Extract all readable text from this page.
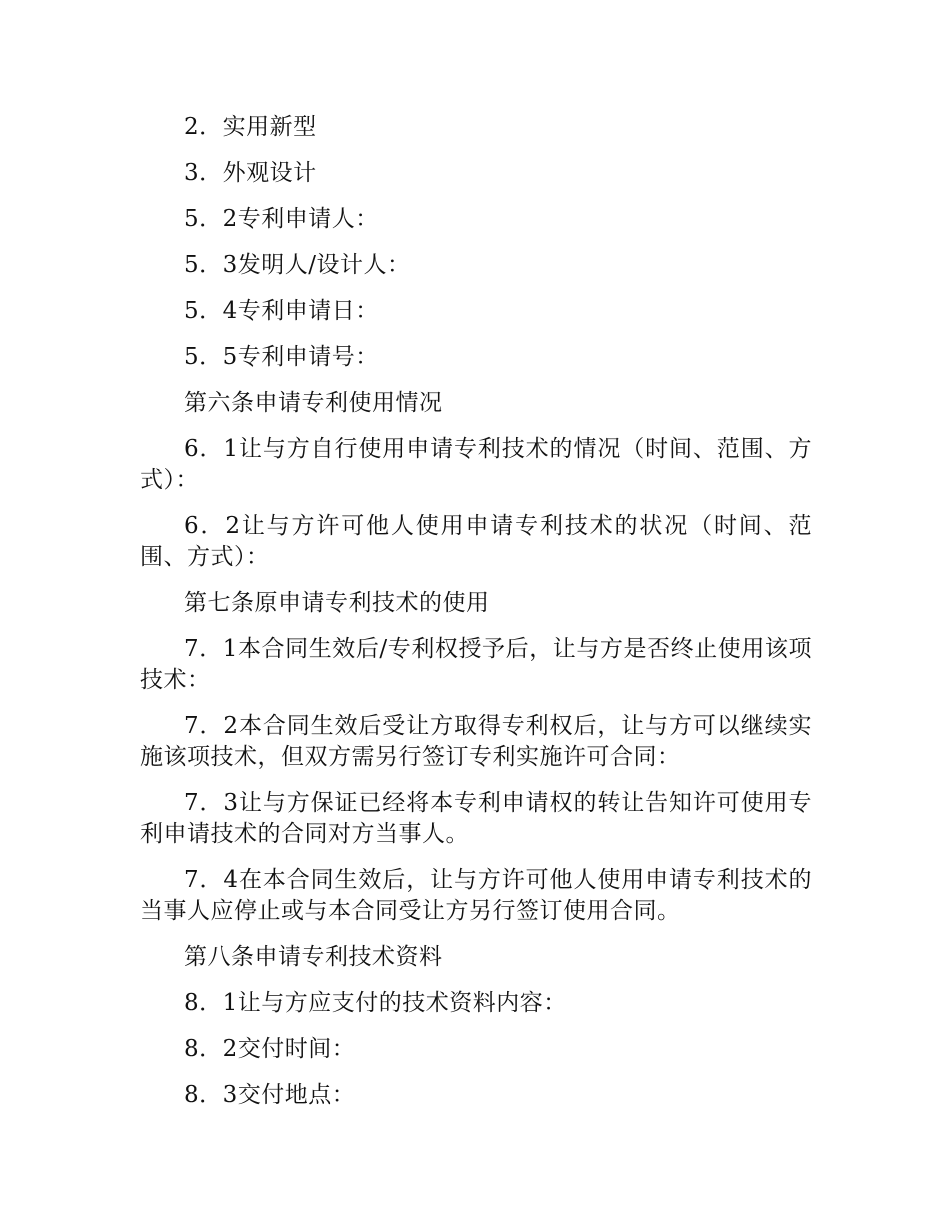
2．实用新型

3．外观设计

5．2专利申请人：

5．3发明人/设计人：

5．4专利申请日：

5．5专利申请号：

第六条申请专利使用情况

6．1让与方自行使用申请专利技术的情况（时间、范围、方式）：

6．2让与方许可他人使用申请专利技术的状况（时间、范围、方式）：

第七条原申请专利技术的使用

7．1本合同生效后/专利权授予后，让与方是否终止使用该项技术：

7．2本合同生效后受让方取得专利权后，让与方可以继续实施该项技术，但双方需另行签订专利实施许可合同：

7．3让与方保证已经将本专利申请权的转让告知许可使用专利申请技术的合同对方当事人。

7．4在本合同生效后，让与方许可他人使用申请专利技术的当事人应停止或与本合同受让方另行签订使用合同。

第八条申请专利技术资料

8．1让与方应支付的技术资料内容：

8．2交付时间：

8．3交付地点：
